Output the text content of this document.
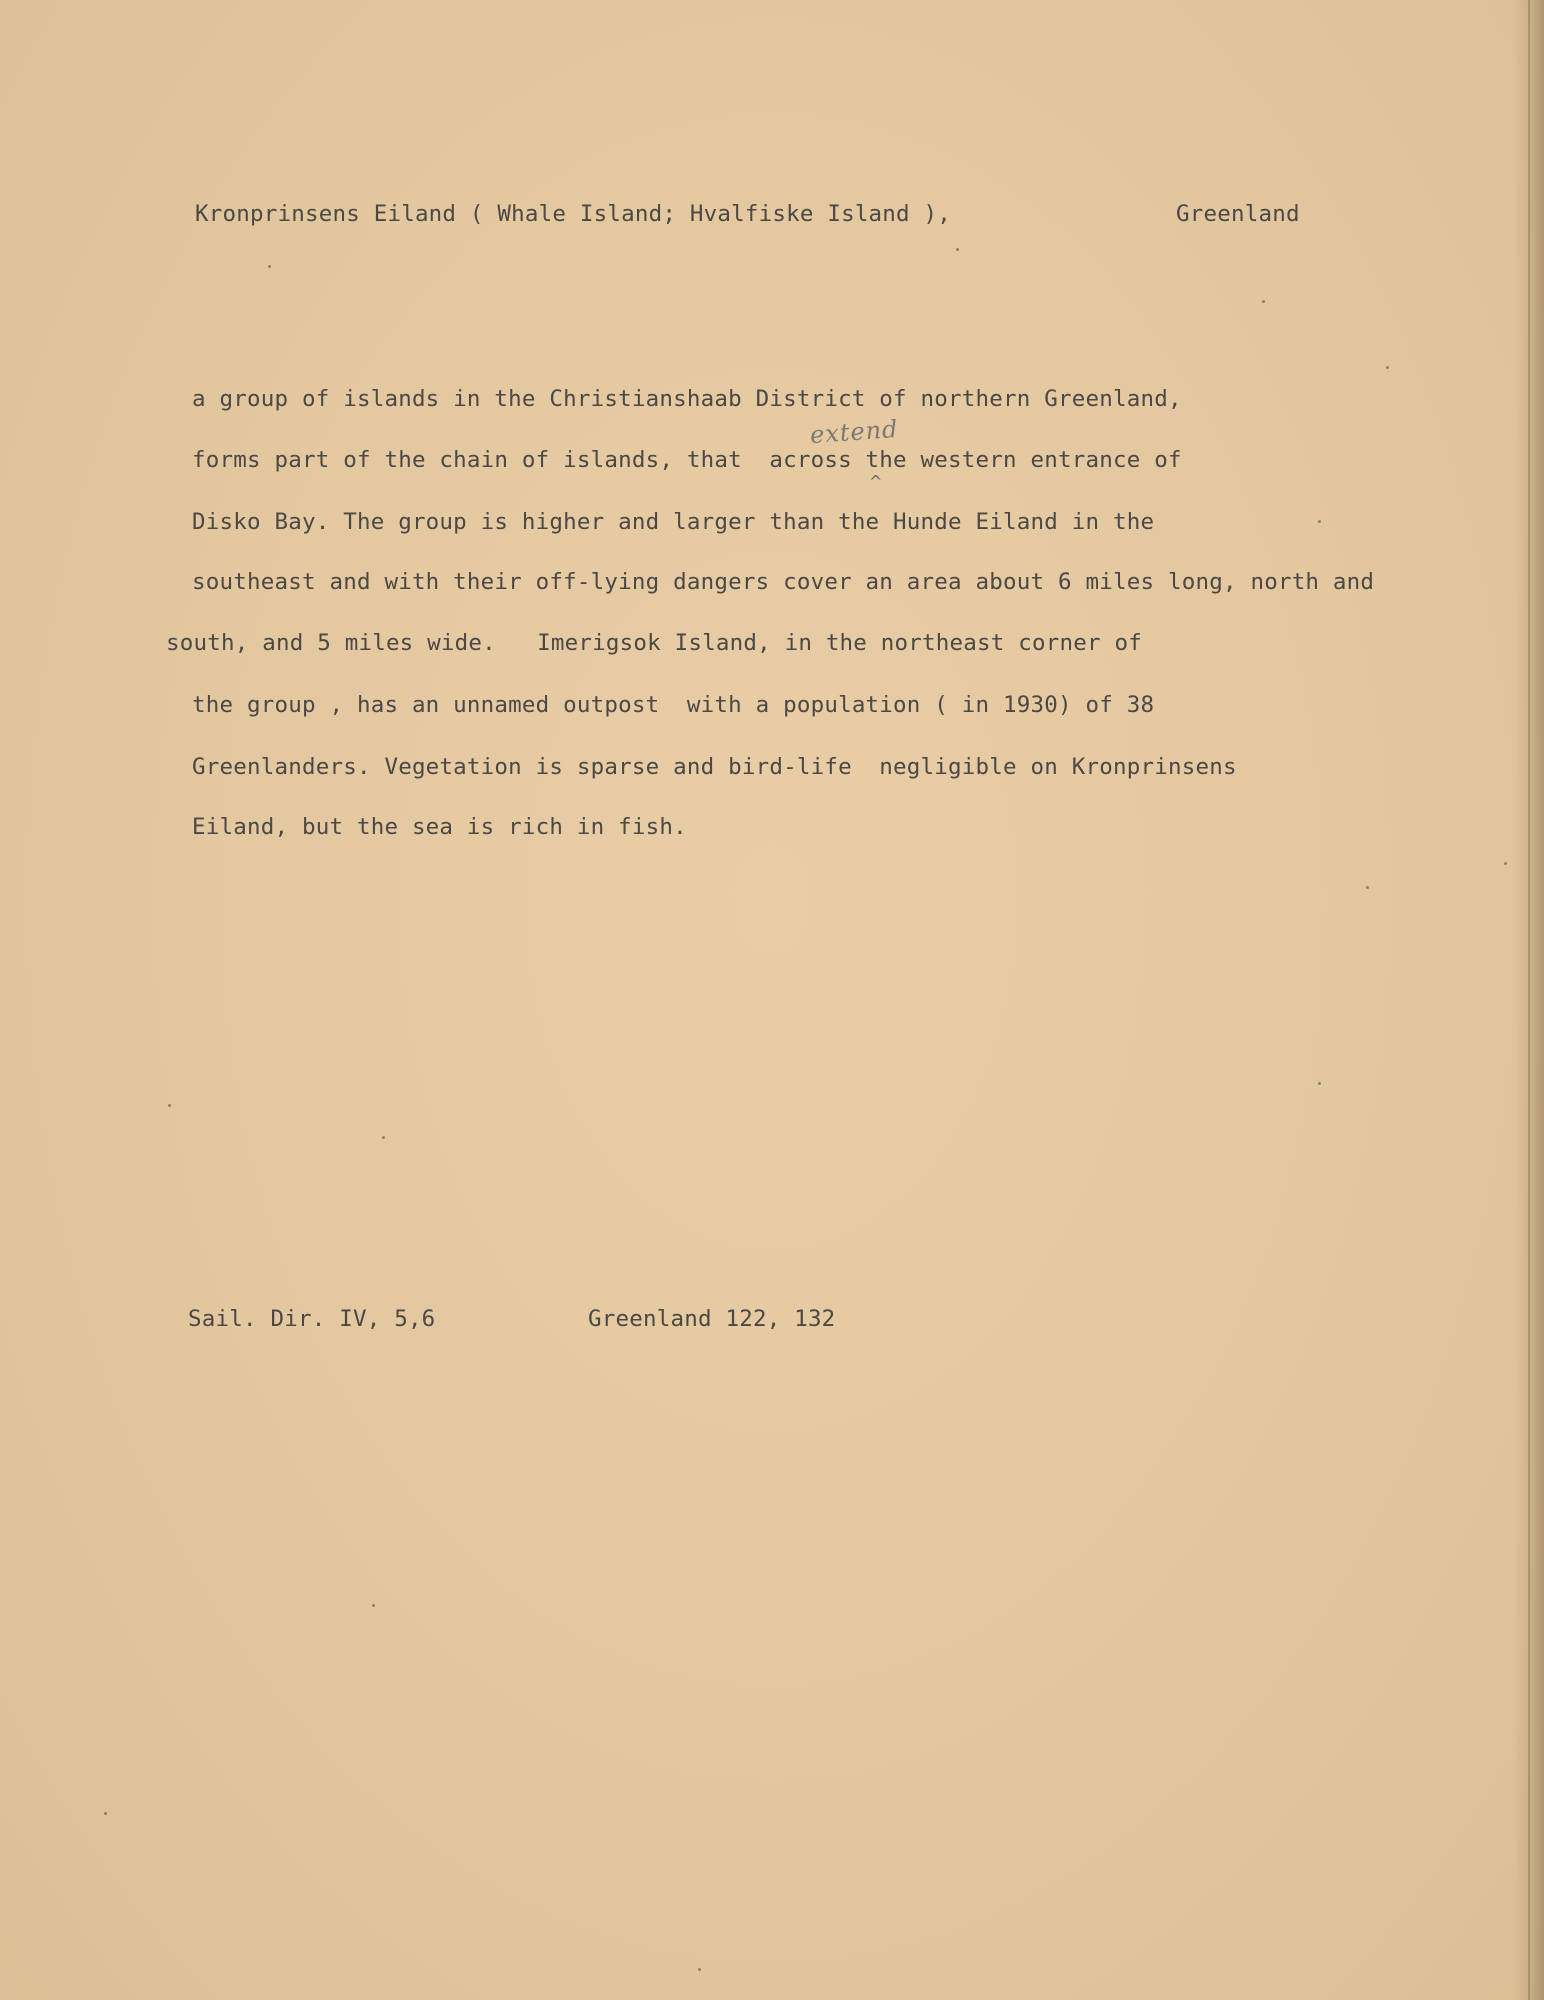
Kronprinsens Eiland ( Whale Island; Hvalfiske Island ),	Greenland
a group of islands in the Christianshaab District of northern Greenland,
extend
^
forms part of the chain of islands, that  across the western entrance of
Disko Bay. The group is higher and larger than the Hunde Eiland in the
southeast and with their off-lying dangers cover an area about 6 miles long, north and
south, and 5 miles wide.   Imerigsok Island, in the northeast corner of
the group , has an unnamed outpost  with a population ( in 1930) of 38
Greenlanders. Vegetation is sparse and bird-life  negligible on Kronprinsens
Eiland, but the sea is rich in fish.
Sail. Dir. IV, 5,6	Greenland 122, 132
